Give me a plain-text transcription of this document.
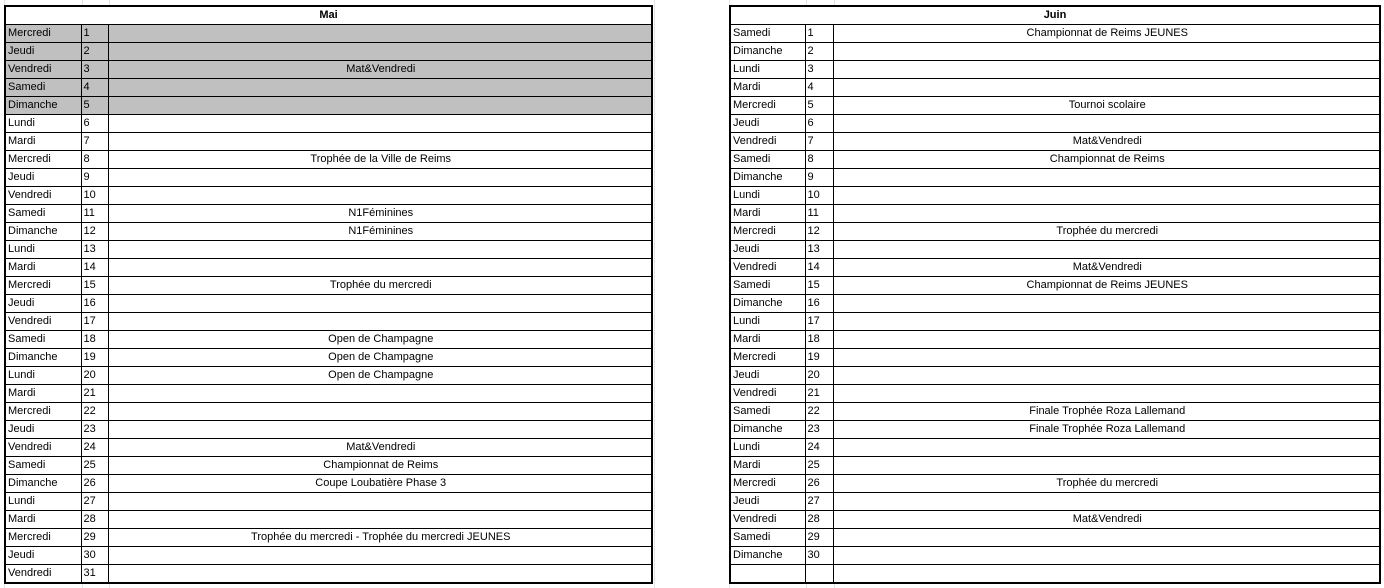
Mai		
Mercredi	1	
Jeudi	2	
Vendredi	3	Mat&Vendredi
Samedi	4	
Dimanche	5	
Lundi	6	
Mardi	7	
Mercredi	8	Trophée de la Ville de Reims
Jeudi	9	
Vendredi	10	
Samedi	11	N1Féminines
Dimanche	12	N1Féminines
Lundi	13	
Mardi	14	
Mercredi	15	Trophée du mercredi
Jeudi	16	
Vendredi	17	
Samedi	18	Open de Champagne
Dimanche	19	Open de Champagne
Lundi	20	Open de Champagne
Mardi	21	
Mercredi	22	
Jeudi	23	
Vendredi	24	Mat&Vendredi
Samedi	25	Championnat de Reims
Dimanche	26	Coupe Loubatière Phase 3
Lundi	27	
Mardi	28	
Mercredi	29	Trophée du mercredi - Trophée du mercredi JEUNES
Jeudi	30	
Vendredi	31	
Juin		
Samedi	1	Championnat de Reims JEUNES
Dimanche	2	
Lundi	3	
Mardi	4	
Mercredi	5	Tournoi scolaire
Jeudi	6	
Vendredi	7	Mat&Vendredi
Samedi	8	Championnat de Reims
Dimanche	9	
Lundi	10	
Mardi	11	
Mercredi	12	Trophée du mercredi
Jeudi	13	
Vendredi	14	Mat&Vendredi
Samedi	15	Championnat de Reims JEUNES
Dimanche	16	
Lundi	17	
Mardi	18	
Mercredi	19	
Jeudi	20	
Vendredi	21	
Samedi	22	Finale Trophée Roza Lallemand
Dimanche	23	Finale Trophée Roza Lallemand
Lundi	24	
Mardi	25	
Mercredi	26	Trophée du mercredi
Jeudi	27	
Vendredi	28	Mat&Vendredi
Samedi	29	
Dimanche	30	
